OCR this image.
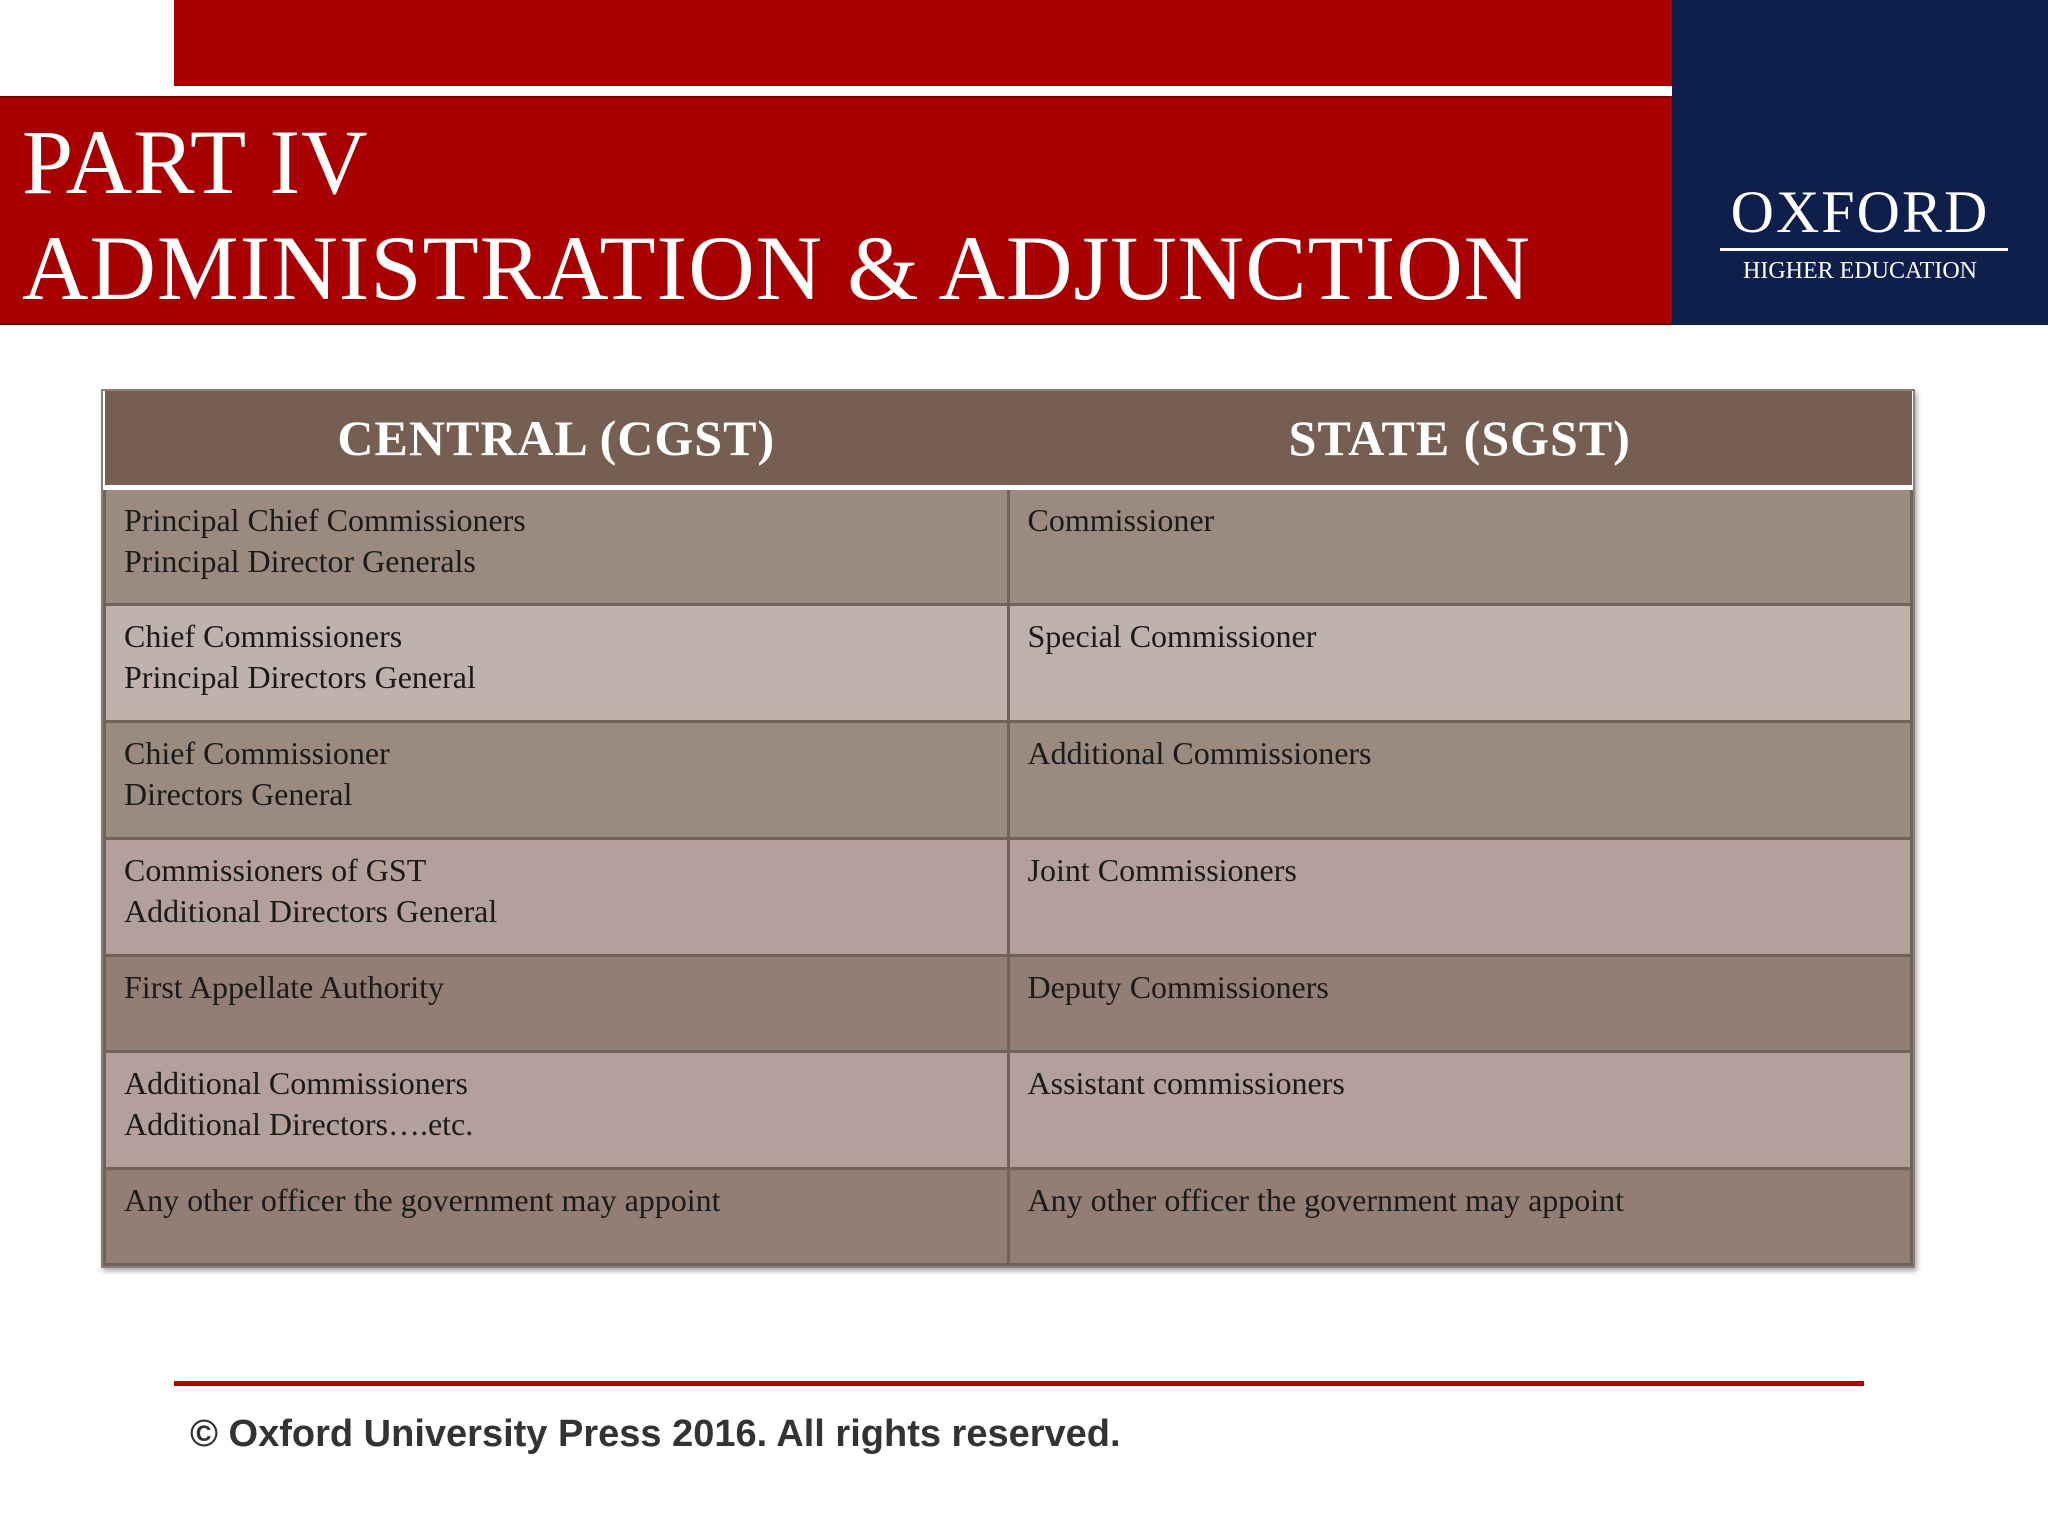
PART IV
ADMINISTRATION & ADJUNCTION
OXFORD
HIGHER EDUCATION
CENTRAL (CGST)	STATE (SGST)

Principal Chief Commissioners
Principal Director Generals	Commissioner

Chief Commissioners
Principal Directors General	Special Commissioner

Chief Commissioner
Directors General	Additional Commissioners

Commissioners of GST
Additional Directors General	Joint Commissioners

First Appellate Authority	Deputy Commissioners

Additional Commissioners
Additional Directors….etc.	Assistant commissioners

Any other officer the government may appoint	Any other officer the government may appoint
© Oxford University Press 2016. All rights reserved.
